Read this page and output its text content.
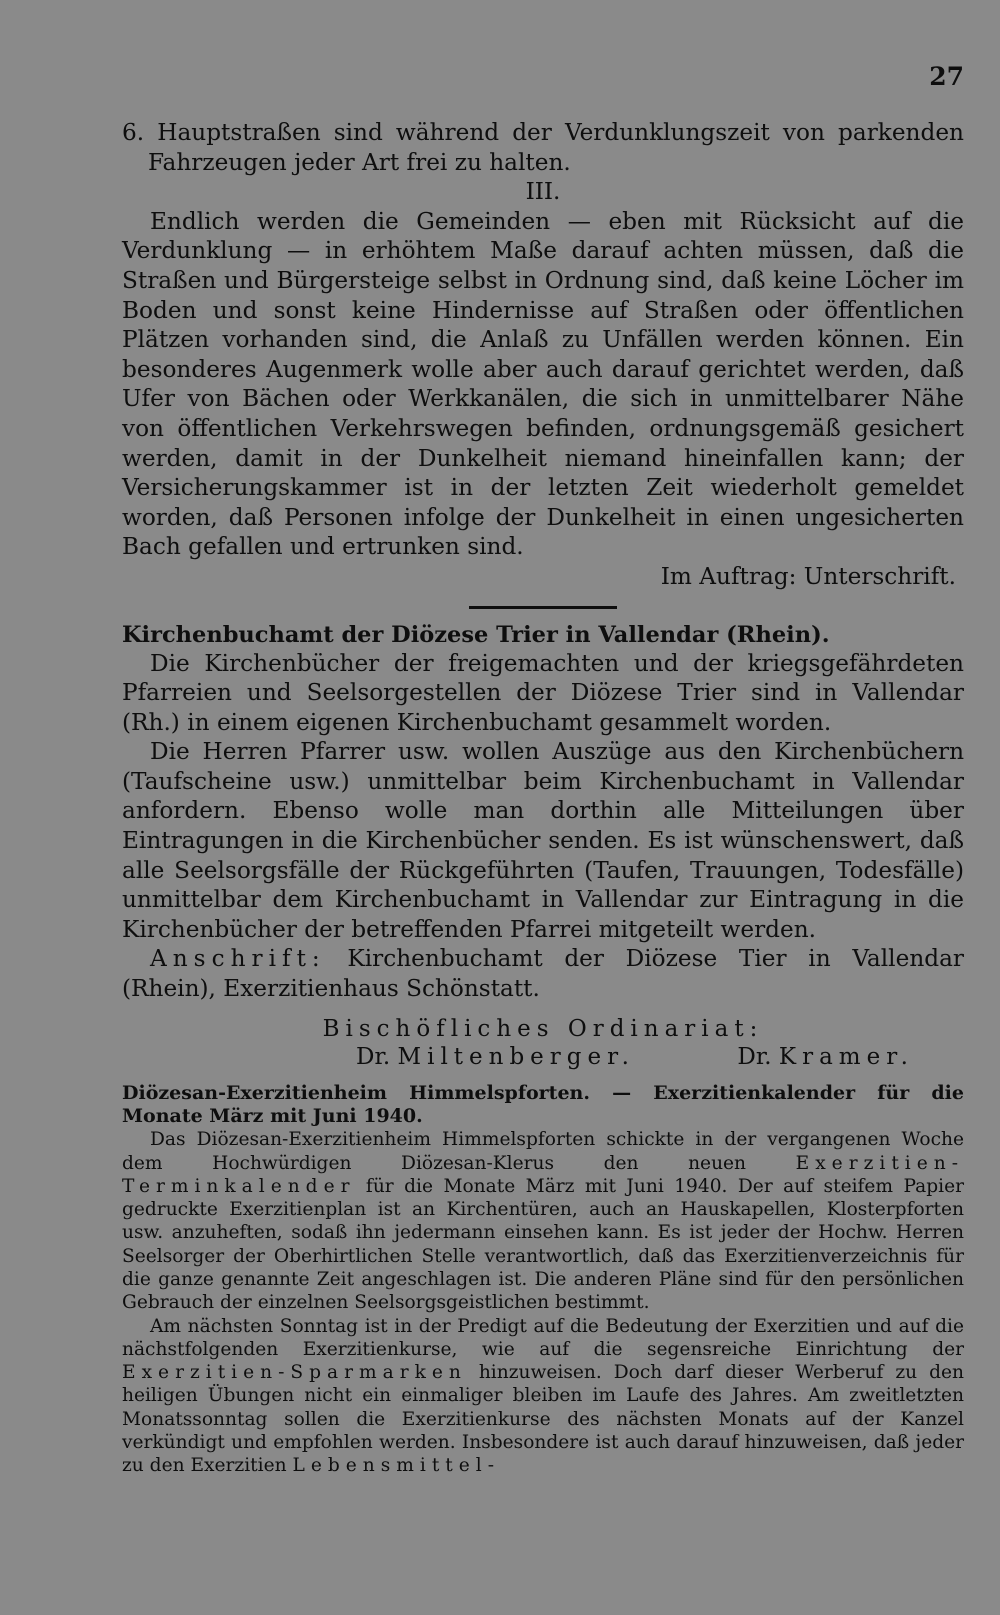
27

6. Hauptstraßen sind während der Verdunklungszeit von parkenden Fahrzeugen jeder Art frei zu halten.

III.

Endlich werden die Gemeinden — eben mit Rücksicht auf die Verdunklung — in erhöhtem Maße darauf achten müssen, daß die Straßen und Bürgersteige selbst in Ordnung sind, daß keine Löcher im Boden und sonst keine Hindernisse auf Straßen oder öffentlichen Plätzen vorhanden sind, die Anlaß zu Unfällen werden können. Ein besonderes Augenmerk wolle aber auch darauf gerichtet werden, daß Ufer von Bächen oder Werkkanälen, die sich in unmittelbarer Nähe von öffentlichen Verkehrswegen befinden, ordnungsgemäß gesichert werden, damit in der Dunkelheit niemand hineinfallen kann; der Versicherungskammer ist in der letzten Zeit wiederholt gemeldet worden, daß Personen infolge der Dunkelheit in einen ungesicherten Bach gefallen und ertrunken sind.

Im Auftrag: Unterschrift.

Kirchenbuchamt der Diözese Trier in Vallendar (Rhein).

Die Kirchenbücher der freigemachten und der kriegsgefährdeten Pfarreien und Seelsorgestellen der Diözese Trier sind in Vallendar (Rh.) in einem eigenen Kirchenbuchamt gesammelt worden.

Die Herren Pfarrer usw. wollen Auszüge aus den Kirchenbüchern (Taufscheine usw.) unmittelbar beim Kirchenbuchamt in Vallendar anfordern. Ebenso wolle man dorthin alle Mitteilungen über Eintragungen in die Kirchenbücher senden. Es ist wünschenswert, daß alle Seelsorgsfälle der Rückgeführten (Taufen, Trauungen, Todesfälle) unmittelbar dem Kirchenbuchamt in Vallendar zur Eintragung in die Kirchenbücher der betreffenden Pfarrei mitgeteilt werden.

Anschrift: Kirchenbuchamt der Diözese Tier in Vallendar (Rhein), Exerzitienhaus Schönstatt.

Bischöfliches Ordinariat:
Dr. Miltenberger.	Dr. Kramer.

Diözesan-Exerzitienheim Himmelspforten. — Exerzitienkalender für die Monate März mit Juni 1940.

Das Diözesan-Exerzitienheim Himmelspforten schickte in der vergangenen Woche dem Hochwürdigen Diözesan-Klerus den neuen Exerzitien-Terminkalender für die Monate März mit Juni 1940. Der auf steifem Papier gedruckte Exerzitienplan ist an Kirchentüren, auch an Hauskapellen, Klosterpforten usw. anzuheften, sodaß ihn jedermann einsehen kann. Es ist jeder der Hochw. Herren Seelsorger der Oberhirtlichen Stelle verantwortlich, daß das Exerzitienverzeichnis für die ganze genannte Zeit angeschlagen ist. Die anderen Pläne sind für den persönlichen Gebrauch der einzelnen Seelsorgsgeistlichen bestimmt.

Am nächsten Sonntag ist in der Predigt auf die Bedeutung der Exerzitien und auf die nächstfolgenden Exerzitienkurse, wie auf die segensreiche Einrichtung der Exerzitien-Sparmarken hinzuweisen. Doch darf dieser Werberuf zu den heiligen Übungen nicht ein einmaliger bleiben im Laufe des Jahres. Am zweitletzten Monatssonntag sollen die Exerzitienkurse des nächsten Monats auf der Kanzel verkündigt und empfohlen werden. Insbesondere ist auch darauf hinzuweisen, daß jeder zu den Exerzitien Lebensmittel-
